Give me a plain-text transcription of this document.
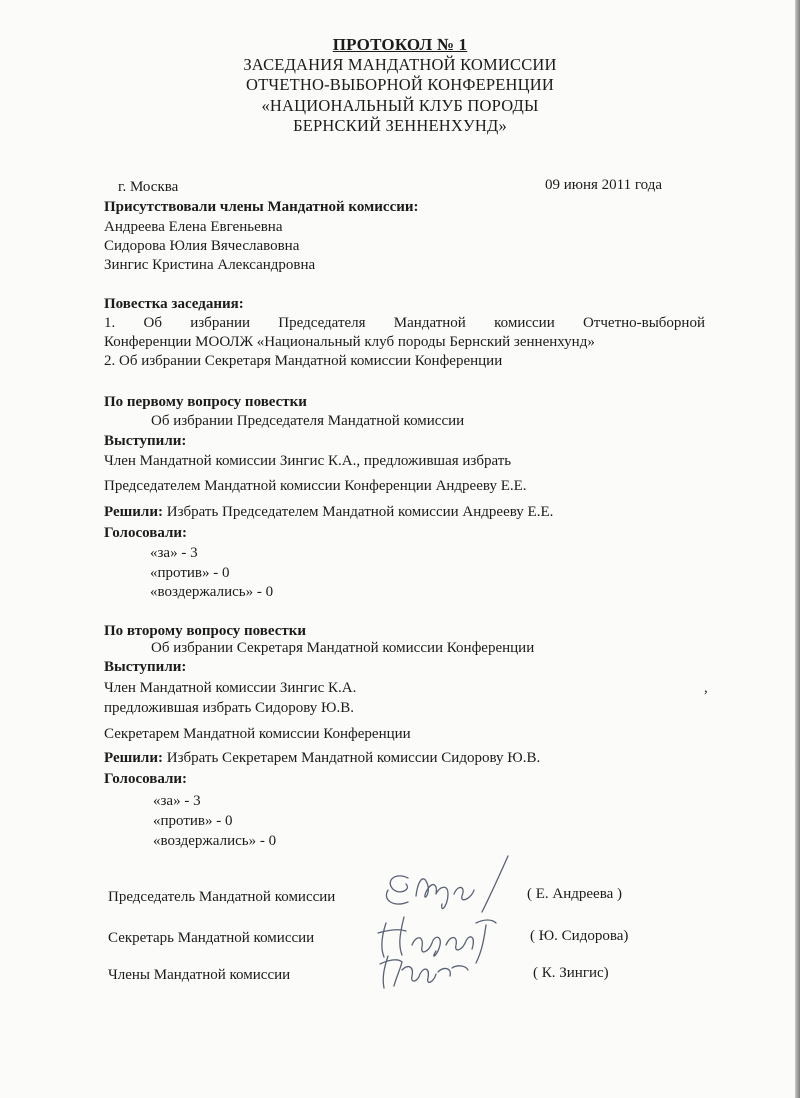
ПРОТОКОЛ № 1
ЗАСЕДАНИЯ МАНДАТНОЙ КОМИССИИ
ОТЧЕТНО-ВЫБОРНОЙ КОНФЕРЕНЦИИ
«НАЦИОНАЛЬНЫЙ КЛУБ ПОРОДЫ
БЕРНСКИЙ ЗЕННЕНХУНД»
г. Москва	09 июня 2011 года
Присутствовали члены Мандатной комиссии:
Андреева Елена Евгеньевна
Сидорова Юлия Вячеславовна
Зингис Кристина Александровна
Повестка заседания:
1. Об избрании Председателя Мандатной комиссии Отчетно-выборной
Конференции МООЛЖ «Национальный клуб породы Бернский зенненхунд»
2. Об избрании Секретаря Мандатной комиссии Конференции
По первому вопросу повестки
Об избрании Председателя Мандатной комиссии
Выступили:
Член Мандатной комиссии Зингис К.А., предложившая избрать
Председателем Мандатной комиссии Конференции Андрееву Е.Е.
Решили: Избрать Председателем Мандатной комиссии Андрееву Е.Е.
Голосовали:
«за» - 3
«против» - 0
«воздержались» - 0
По второму вопросу повестки
Об избрании Секретаря Мандатной комиссии Конференции
Выступили:
Член Мандатной комиссии Зингис К.А.	,
предложившая избрать Сидорову Ю.В.
Секретарем Мандатной комиссии Конференции
Решили: Избрать Секретарем Мандатной комиссии Сидорову Ю.В.
Голосовали:
«за» - 3
«против» - 0
«воздержались» - 0
Председатель Мандатной комиссии	( Е. Андреева )
Секретарь Мандатной комиссии	( Ю. Сидорова)
Члены Мандатной комиссии	( К. Зингис)
